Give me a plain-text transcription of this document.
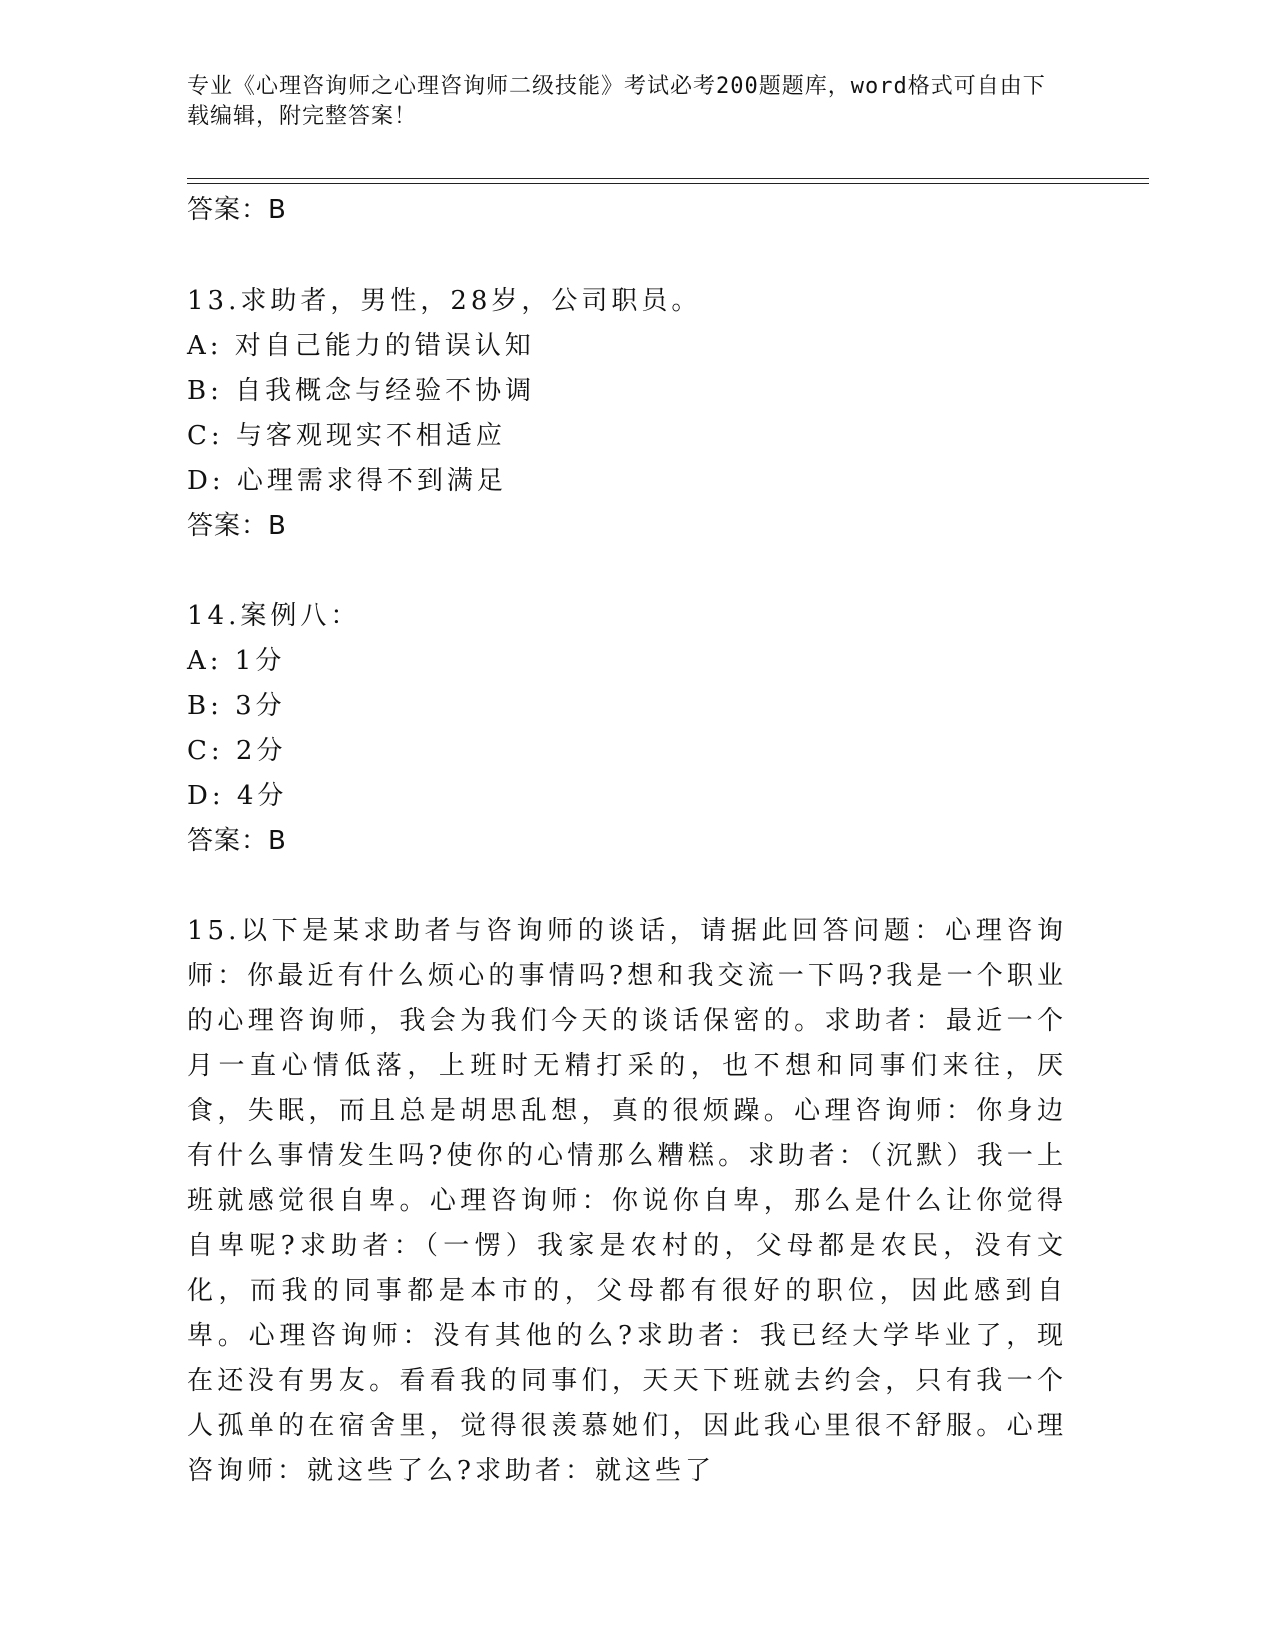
专业《心理咨询师之心理咨询师二级技能》考试必考200题题库，word格式可自由下载编辑，附完整答案！
答案：B
13.求助者，男性，28岁，公司职员。
A: 对自己能力的错误认知
B: 自我概念与经验不协调
C: 与客观现实不相适应
D: 心理需求得不到满足
答案：B
14.案例八：
A: 1分
B: 3分
C: 2分
D: 4分
答案：B
15.以下是某求助者与咨询师的谈话，请据此回答问题：心理咨询师：你最近有什么烦心的事情吗?想和我交流一下吗?我是一个职业的心理咨询师，我会为我们今天的谈话保密的。求助者：最近一个月一直心情低落，上班时无精打采的，也不想和同事们来往，厌食，失眠，而且总是胡思乱想，真的很烦躁。心理咨询师：你身边有什么事情发生吗?使你的心情那么糟糕。求助者：（沉默）我一上班就感觉很自卑。心理咨询师：你说你自卑，那么是什么让你觉得自卑呢?求助者：（一愣）我家是农村的，父母都是农民，没有文化，而我的同事都是本市的，父母都有很好的职位，因此感到自卑。心理咨询师：没有其他的么?求助者：我已经大学毕业了，现在还没有男友。看看我的同事们，天天下班就去约会，只有我一个人孤单的在宿舍里，觉得很羡慕她们，因此我心里很不舒服。心理咨询师：就这些了么?求助者：就这些了
